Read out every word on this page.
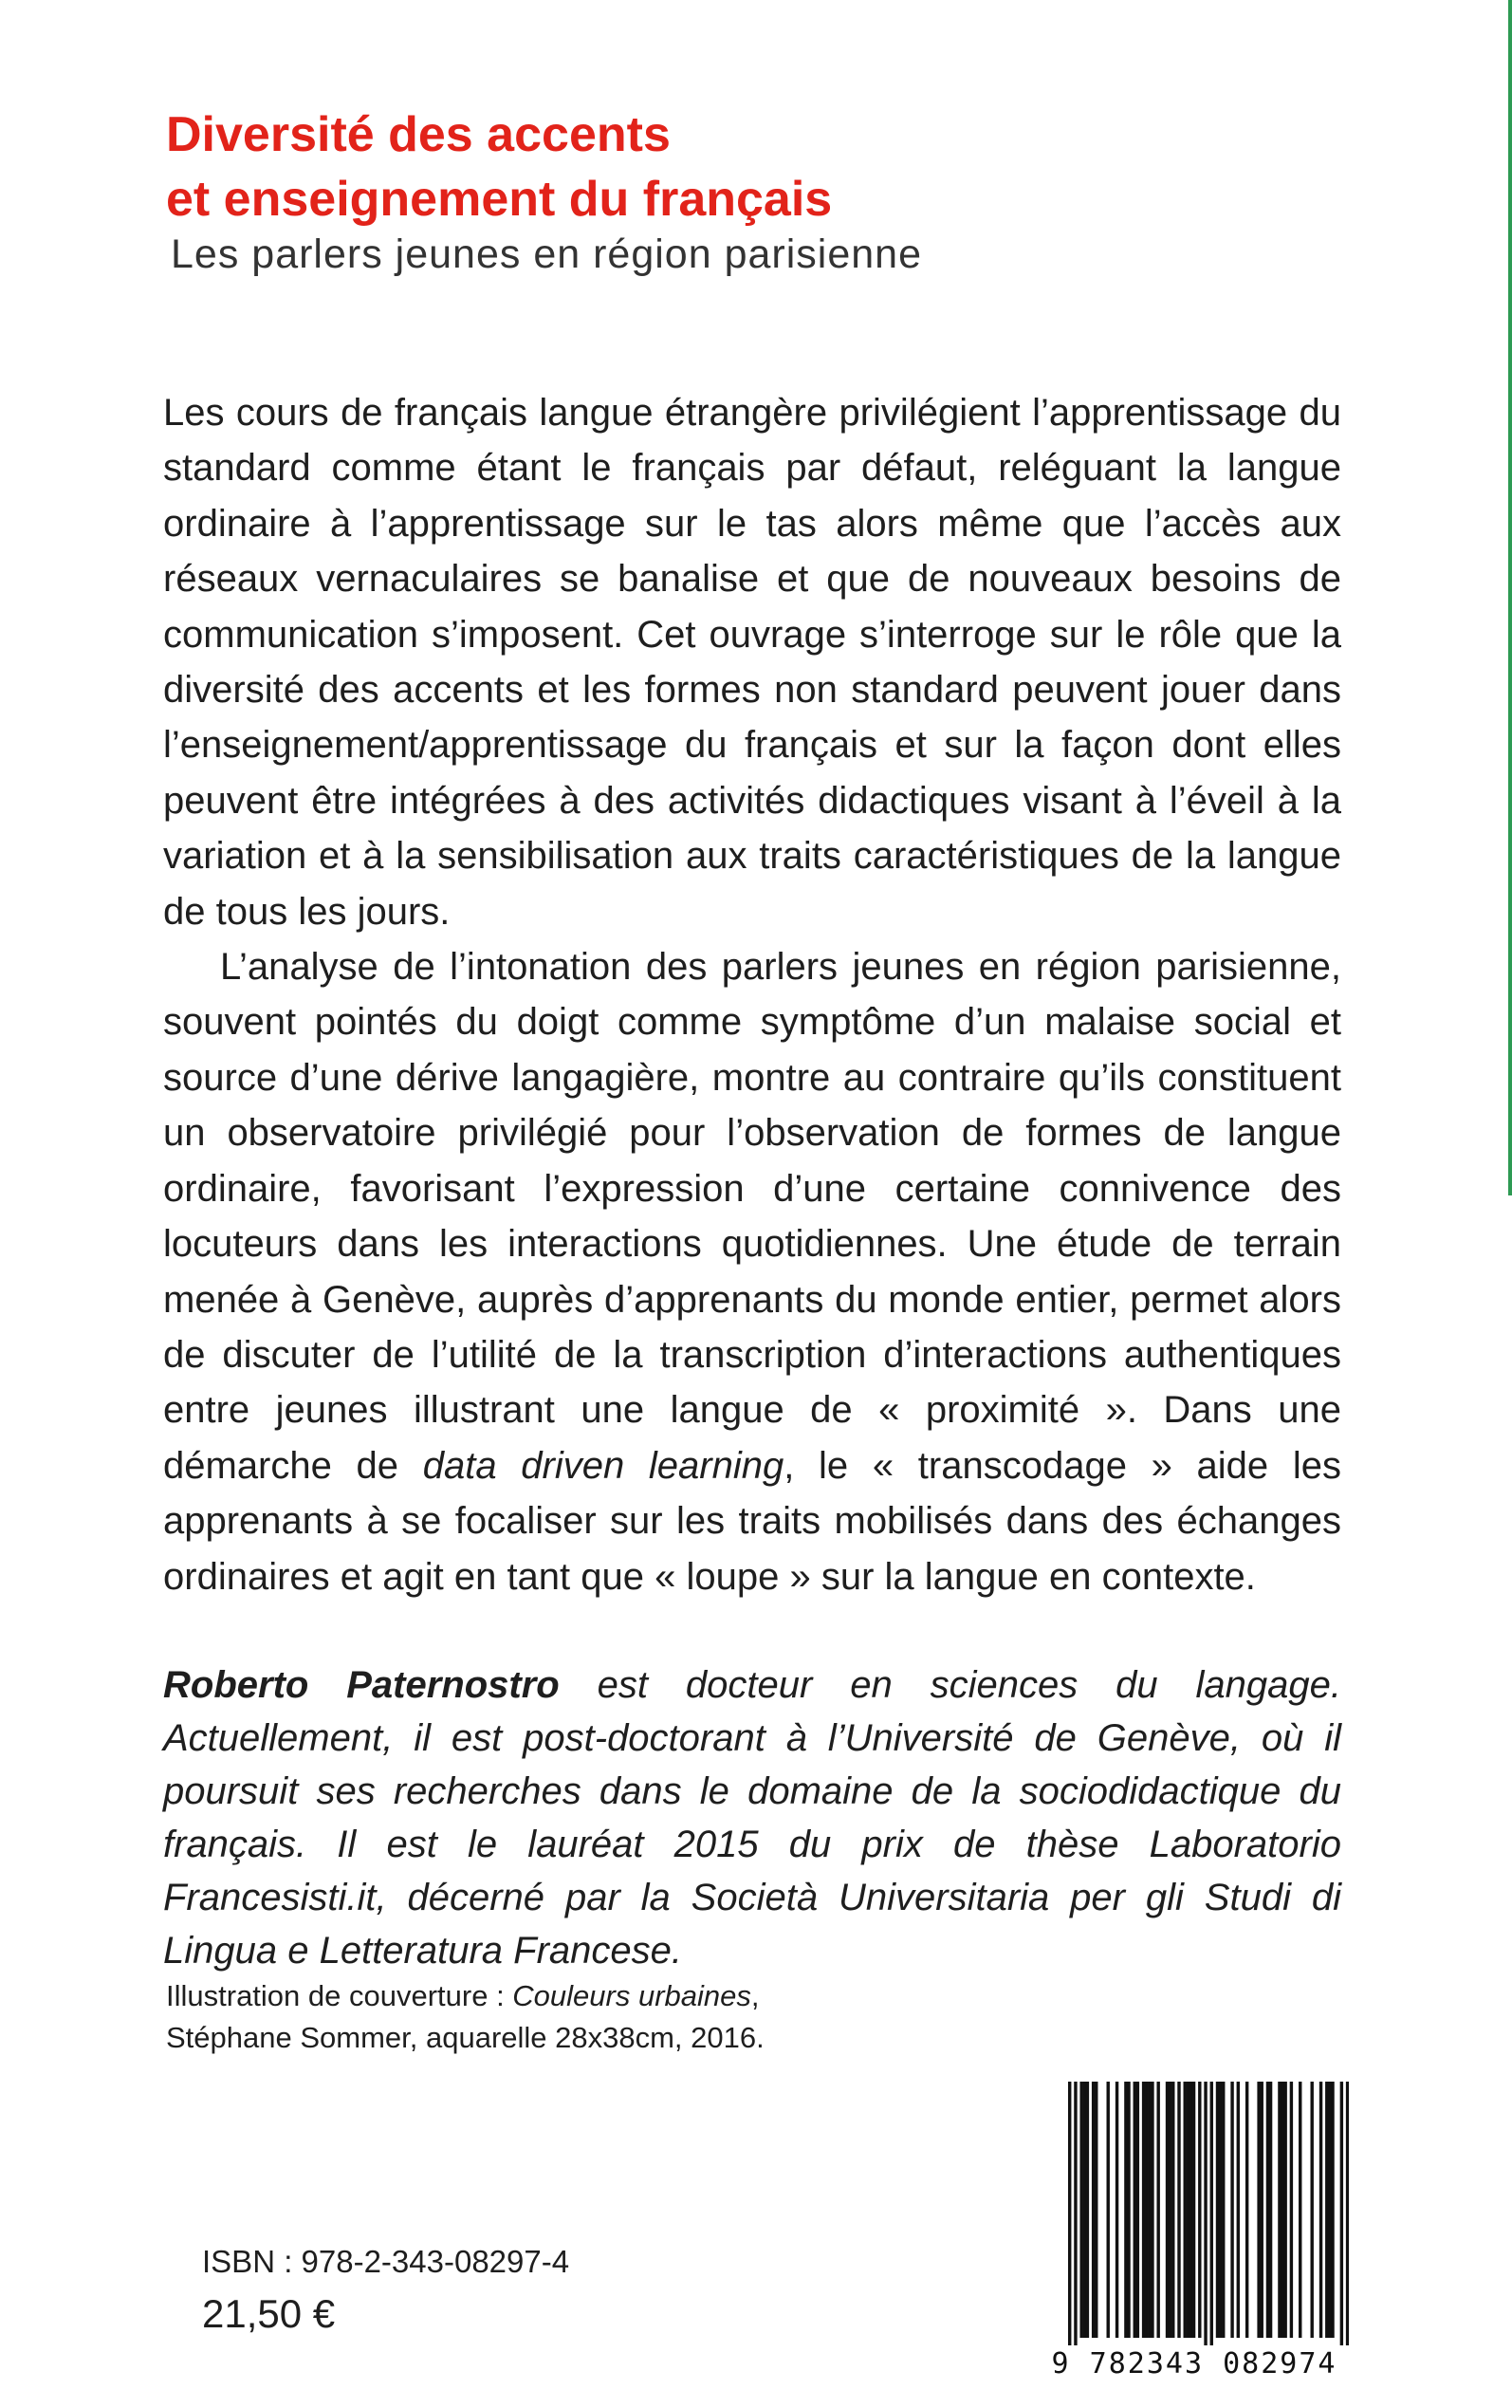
Diversité des accents
et enseignement du français
Les parlers jeunes en région parisienne

Les cours de français langue étrangère privilégient l’apprentissage du standard comme étant le français par défaut, reléguant la langue ordinaire à l’apprentissage sur le tas alors même que l’accès aux réseaux vernaculaires se banalise et que de nouveaux besoins de communication s’imposent. Cet ouvrage s’interroge sur le rôle que la diversité des accents et les formes non standard peuvent jouer dans l’enseignement/apprentissage du français et sur la façon dont elles peuvent être intégrées à des activités didactiques visant à l’éveil à la variation et à la sensibilisation aux traits caractéristiques de la langue de tous les jours.

L’analyse de l’intonation des parlers jeunes en région parisienne, souvent pointés du doigt comme symptôme d’un malaise social et source d’une dérive langagière, montre au contraire qu’ils constituent un observatoire privilégié pour l’observation de formes de langue ordinaire, favorisant l’expression d’une certaine connivence des locuteurs dans les interactions quotidiennes. Une étude de terrain menée à Genève, auprès d’apprenants du monde entier, permet alors de discuter de l’utilité de la transcription d’interactions authentiques entre jeunes illustrant une langue de « proximité ». Dans une démarche de data driven learning, le « transcodage » aide les apprenants à se focaliser sur les traits mobilisés dans des échanges ordinaires et agit en tant que « loupe » sur la langue en contexte.

Roberto Paternostro est docteur en sciences du langage. Actuellement, il est post-doctorant à l’Université de Genève, où il poursuit ses recherches dans le domaine de la sociodidactique du français. Il est le lauréat 2015 du prix de thèse Laboratorio Francesisti.it, décerné par la Società Universitaria per gli Studi di Lingua e Letteratura Francese.

Illustration de couverture : Couleurs urbaines,
Stéphane Sommer, aquarelle 28x38cm, 2016.
ISBN : 978-2-343-08297-4
21,50 €
9 782343 082974
